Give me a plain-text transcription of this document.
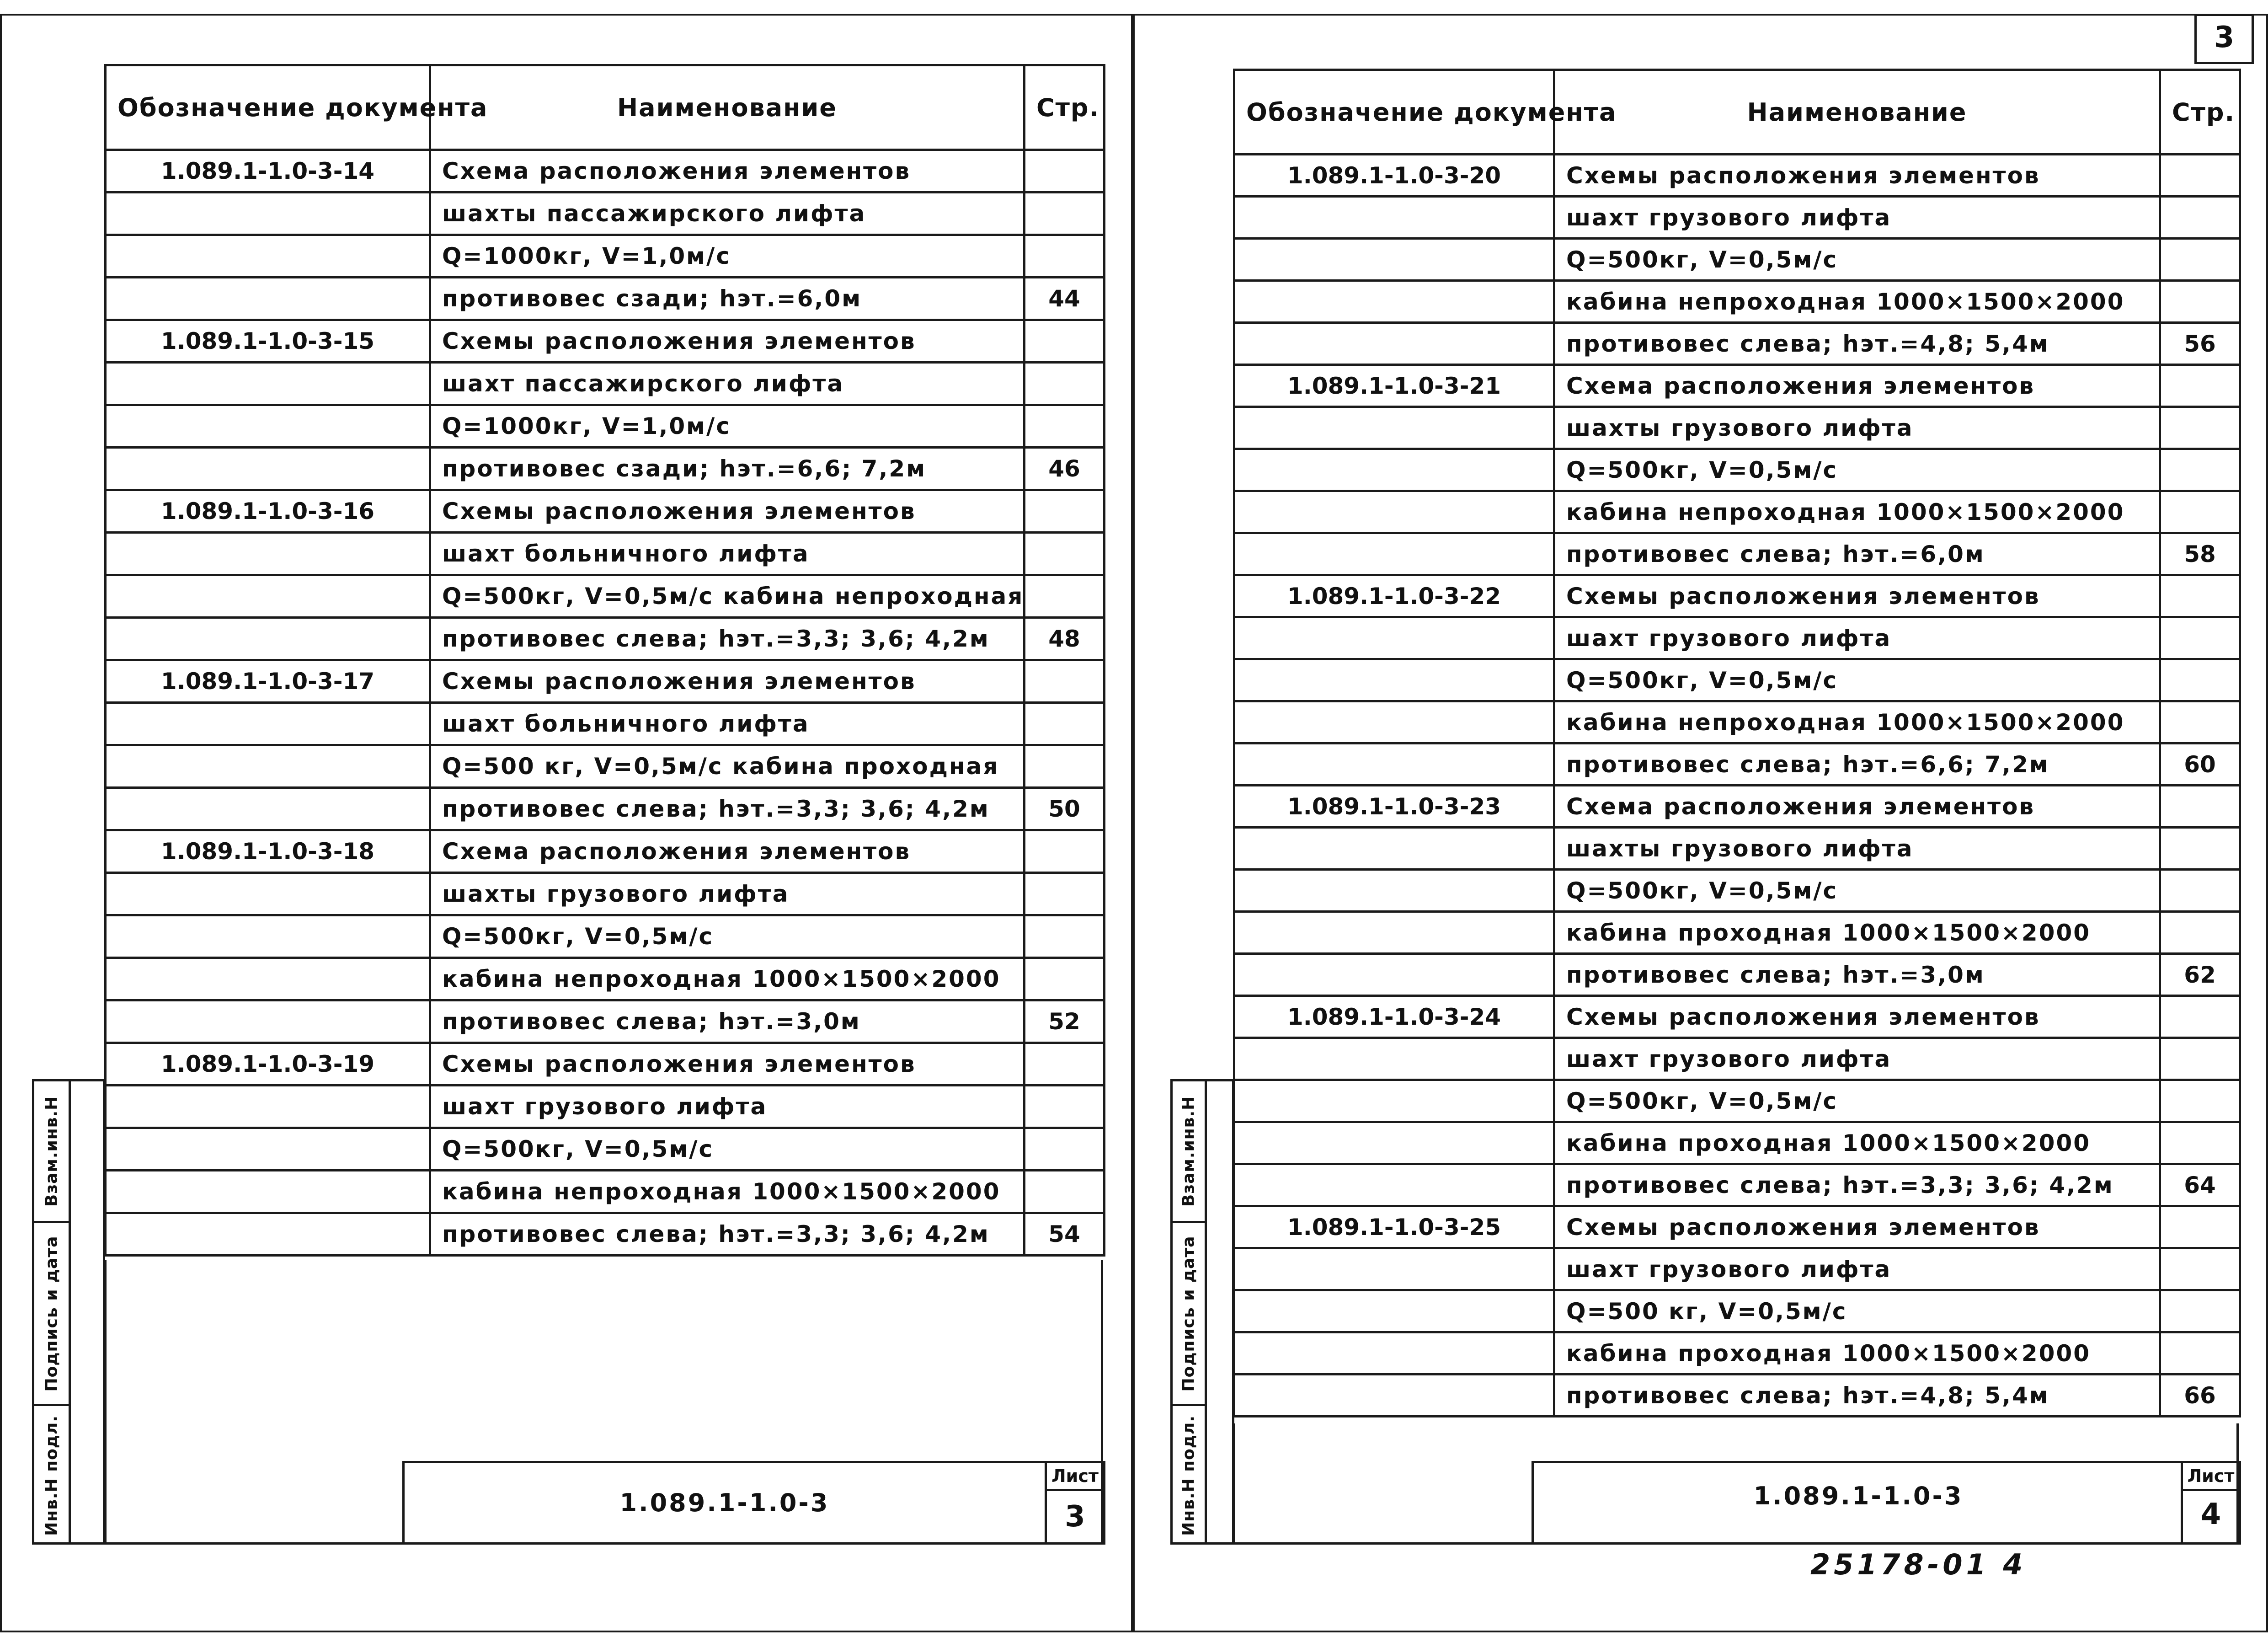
3
Обозначение документа	Наименование	Стр.
1.089.1-1.0-3-14	Схема расположения элементов	
	шахты пассажирского лифта	
	Q=1000кг, V=1,0м/с	
	противовес сзади; hэт.=6,0м	44
1.089.1-1.0-3-15	Схемы расположения элементов	
	шахт пассажирского лифта	
	Q=1000кг, V=1,0м/с	
	противовес сзади; hэт.=6,6; 7,2м	46
1.089.1-1.0-3-16	Схемы расположения элементов	
	шахт больничного лифта	
	Q=500кг, V=0,5м/с кабина непроходная	
	противовес слева; hэт.=3,3; 3,6; 4,2м	48
1.089.1-1.0-3-17	Схемы расположения элементов	
	шахт больничного лифта	
	Q=500 кг, V=0,5м/с кабина проходная	
	противовес слева; hэт.=3,3; 3,6; 4,2м	50
1.089.1-1.0-3-18	Схема расположения элементов	
	шахты грузового лифта	
	Q=500кг, V=0,5м/с	
	кабина непроходная 1000×1500×2000	
	противовес слева; hэт.=3,0м	52
1.089.1-1.0-3-19	Схемы расположения элементов	
	шахт грузового лифта	
	Q=500кг, V=0,5м/с	
	кабина непроходная 1000×1500×2000	
	противовес слева; hэт.=3,3; 3,6; 4,2м	54
Взам.инв.Н
Подпись и дата
Инв.Н подл.	1.089.1-1.0-3
Лист
3
Обозначение документа	Наименование	Стр.
1.089.1-1.0-3-20	Схемы расположения элементов	
	шахт грузового лифта	
	Q=500кг, V=0,5м/с	
	кабина непроходная 1000×1500×2000	
	противовес слева; hэт.=4,8; 5,4м	56
1.089.1-1.0-3-21	Схема расположения элементов	
	шахты грузового лифта	
	Q=500кг, V=0,5м/с	
	кабина непроходная 1000×1500×2000	
	противовес слева; hэт.=6,0м	58
1.089.1-1.0-3-22	Схемы расположения элементов	
	шахт грузового лифта	
	Q=500кг, V=0,5м/с	
	кабина непроходная 1000×1500×2000	
	противовес слева; hэт.=6,6; 7,2м	60
1.089.1-1.0-3-23	Схема расположения элементов	
	шахты грузового лифта	
	Q=500кг, V=0,5м/с	
	кабина проходная 1000×1500×2000	
	противовес слева; hэт.=3,0м	62
1.089.1-1.0-3-24	Схемы расположения элементов	
	шахт грузового лифта	
	Q=500кг, V=0,5м/с	
	кабина проходная 1000×1500×2000	
	противовес слева; hэт.=3,3; 3,6; 4,2м	64
1.089.1-1.0-3-25	Схемы расположения элементов	
	шахт грузового лифта	
	Q=500 кг, V=0,5м/с	
	кабина проходная 1000×1500×2000	
	противовес слева; hэт.=4,8; 5,4м	66
Взам.инв.Н
Подпись и дата
Инв.Н подл.	1.089.1-1.0-3
Лист
4
25178-01 4
